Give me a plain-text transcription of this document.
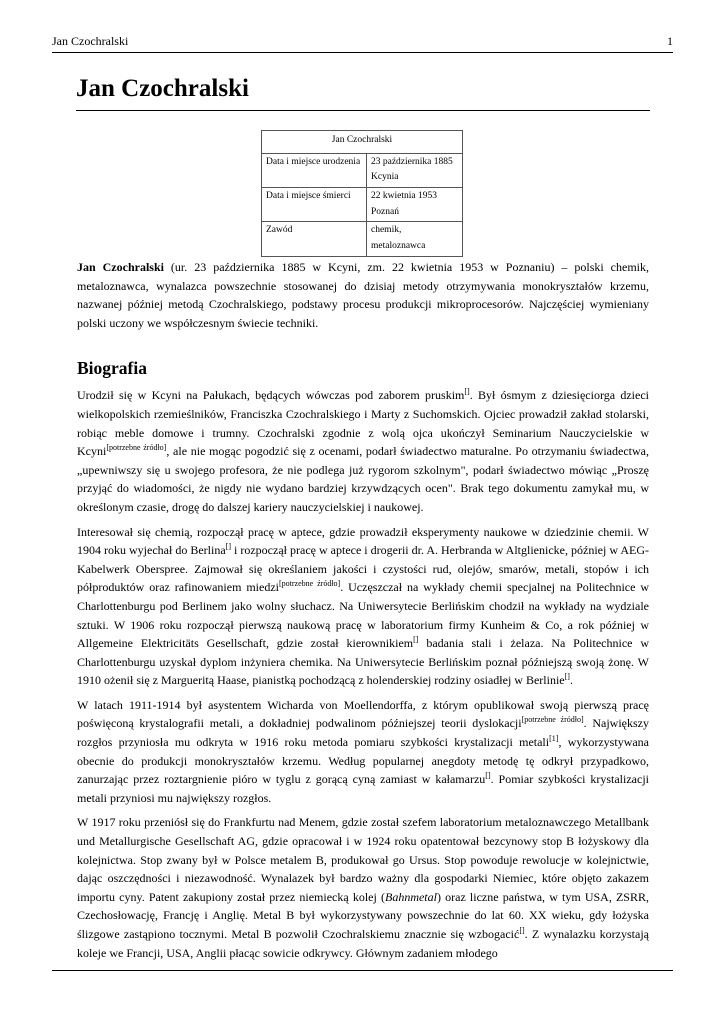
Jan Czochralski	1
Jan Czochralski
Jan Czochralski	
Data i miejsce urodzenia	23 października 1885
Kcynia
Data i miejsce śmierci	22 kwietnia 1953
Poznań
Zawód	chemik, metaloznawca

Jan Czochralski (ur. 23 października 1885 w Kcyni, zm. 22 kwietnia 1953 w Poznaniu) – polski chemik, metaloznawca, wynalazca powszechnie stosowanej do dzisiaj metody otrzymywania monokryształów krzemu, nazwanej później metodą Czochralskiego, podstawy procesu produkcji mikroprocesorów. Najczęściej wymieniany polski uczony we współczesnym świecie techniki.

Biografia

Urodził się w Kcyni na Pałukach, będących wówczas pod zaborem pruskim[]. Był ósmym z dziesięciorga dzieci wielkopolskich rzemieślników, Franciszka Czochralskiego i Marty z Suchomskich. Ojciec prowadził zakład stolarski, robiąc meble domowe i trumny. Czochralski zgodnie z wolą ojca ukończył Seminarium Nauczycielskie w Kcyni[potrzebne źródło], ale nie mogąc pogodzić się z ocenami, podarł świadectwo maturalne. Po otrzymaniu świadectwa, „upewniwszy się u swojego profesora, że nie podlega już rygorom szkolnym", podarł świadectwo mówiąc „Proszę przyjąć do wiadomości, że nigdy nie wydano bardziej krzywdzących ocen". Brak tego dokumentu zamykał mu, w określonym czasie, drogę do dalszej kariery nauczycielskiej i naukowej.

Interesował się chemią, rozpoczął pracę w aptece, gdzie prowadził eksperymenty naukowe w dziedzinie chemii. W 1904 roku wyjechał do Berlina[] i rozpoczął pracę w aptece i drogerii dr. A. Herbranda w Altglienicke, później w AEG-Kabelwerk Oberspree. Zajmował się określaniem jakości i czystości rud, olejów, smarów, metali, stopów i ich półproduktów oraz rafinowaniem miedzi[potrzebne źródło]. Uczęszczał na wykłady chemii specjalnej na Politechnice w Charlottenburgu pod Berlinem jako wolny słuchacz. Na Uniwersytecie Berlińskim chodził na wykłady na wydziale sztuki. W 1906 roku rozpoczął pierwszą naukową pracę w laboratorium firmy Kunheim & Co, a rok później w Allgemeine Elektricitäts Gesellschaft, gdzie został kierownikiem[] badania stali i żelaza. Na Politechnice w Charlottenburgu uzyskał dyplom inżyniera chemika. Na Uniwersytecie Berlińskim poznał późniejszą swoją żonę. W 1910 ożenił się z Margueritą Haase, pianistką pochodzącą z holenderskiej rodziny osiadłej w Berlinie[].

W latach 1911-1914 był asystentem Wicharda von Moellendorffa, z którym opublikował swoją pierwszą pracę poświęconą krystalografii metali, a dokładniej podwalinom późniejszej teorii dyslokacji[potrzebne źródło]. Największy rozgłos przyniosła mu odkryta w 1916 roku metoda pomiaru szybkości krystalizacji metali[1], wykorzystywana obecnie do produkcji monokryształów krzemu. Według popularnej anegdoty metodę tę odkrył przypadkowo, zanurzając przez roztargnienie pióro w tyglu z gorącą cyną zamiast w kałamarzu[]. Pomiar szybkości krystalizacji metali przyniosi mu największy rozgłos.

W 1917 roku przeniósł się do Frankfurtu nad Menem, gdzie został szefem laboratorium metaloznawczego Metallbank und Metallurgische Gesellschaft AG, gdzie opracował i w 1924 roku opatentował bezcynowy stop B łożyskowy dla kolejnictwa. Stop zwany był w Polsce metalem B, produkował go Ursus. Stop powoduje rewolucje w kolejnictwie, dając oszczędności i niezawodność. Wynalazek był bardzo ważny dla gospodarki Niemiec, które objęto zakazem importu cyny. Patent zakupiony został przez niemiecką kolej (Bahnmetal) oraz liczne państwa, w tym USA, ZSRR, Czechosłowację, Francję i Anglię. Metal B był wykorzystywany powszechnie do lat 60. XX wieku, gdy łożyska ślizgowe zastąpiono tocznymi. Metal B pozwolił Czochralskiemu znacznie się wzbogacić[]. Z wynalazku korzystają koleje we Francji, USA, Anglii płacąc sowicie odkrywcy. Głównym zadaniem młodego
